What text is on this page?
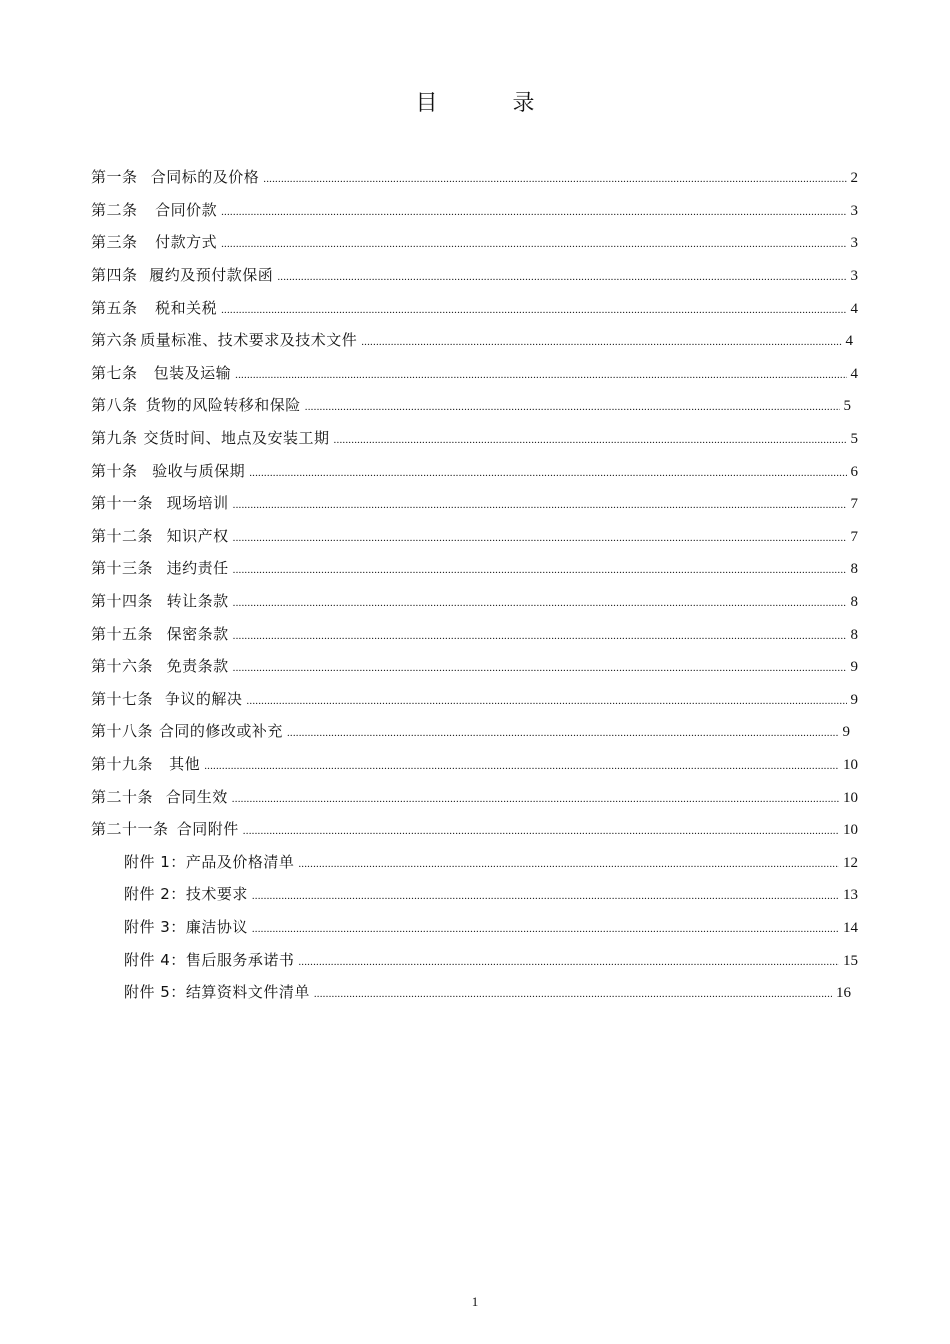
目 录
第一条 合同标的及价格 .....	2
第二条	合同价款 .....	3
第三条	付款方式 .....	3
第四条 履约及预付款保函 .....	3
第五条	税和关税 .....	4
第六条 质量标准、技术要求及技术文件 .....	4
第七条	包装及运输 .....	4
第八条 货物的风险转移和保险 .....	5
第九条 交货时间、地点及安装工期 .....	5
第十条 验收与质保期 .....	6
第十一条 现场培训 .....	7
第十二条 知识产权 .....	7
第十三条 违约责任 .....	8
第十四条 转让条款 .....	8
第十五条 保密条款 .....	8
第十六条 免责条款 .....	9
第十七条 争议的解决 .....	9
第十八条 合同的修改或补充 .....	9
第十九条	其他 .....	10
第二十条 合同生效 .....	10
第二十一条 合同附件 .....	10
附件 1： 产品及价格清单 .....	12
附件 2： 技术要求 .....	13
附件 3： 廉洁协议 .....	14
附件 4： 售后服务承诺书 .....	15
附件 5： 结算资料文件清单 .....	16
1
